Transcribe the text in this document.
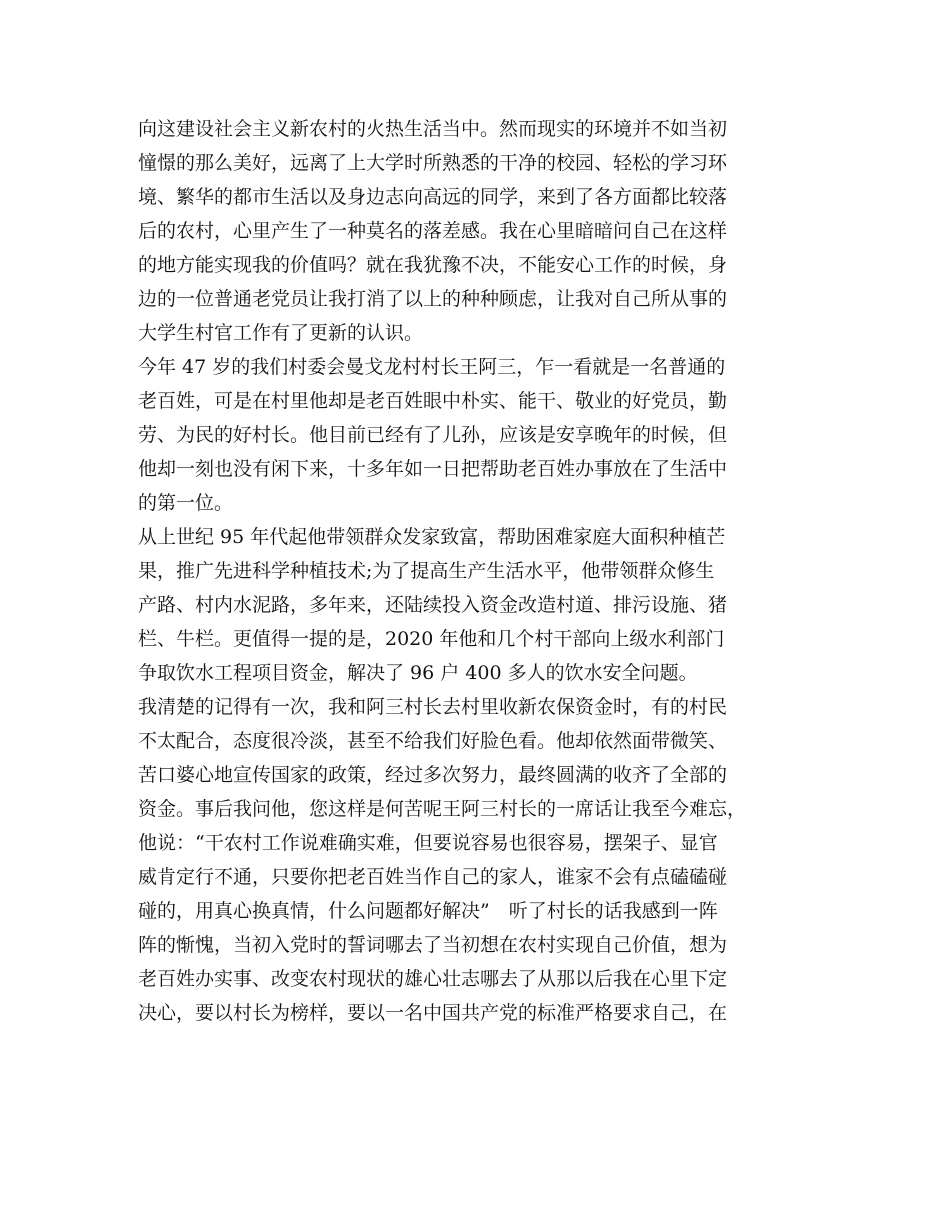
向这建设社会主义新农村的火热生活当中。然而现实的环境并不如当初
憧憬的那么美好，远离了上大学时所熟悉的干净的校园、轻松的学习环
境、繁华的都市生活以及身边志向高远的同学，来到了各方面都比较落
后的农村，心里产生了一种莫名的落差感。我在心里暗暗问自己在这样
的地方能实现我的价值吗？就在我犹豫不决，不能安心工作的时候，身
边的一位普通老党员让我打消了以上的种种顾虑，让我对自己所从事的
大学生村官工作有了更新的认识。
今年 47 岁的我们村委会曼戈龙村村长王阿三，乍一看就是一名普通的
老百姓，可是在村里他却是老百姓眼中朴实、能干、敬业的好党员，勤
劳、为民的好村长。他目前已经有了儿孙，应该是安享晚年的时候，但
他却一刻也没有闲下来，十多年如一日把帮助老百姓办事放在了生活中
的第一位。
从上世纪 95 年代起他带领群众发家致富，帮助困难家庭大面积种植芒
果，推广先进科学种植技术;为了提高生产生活水平，他带领群众修生
产路、村内水泥路，多年来，还陆续投入资金改造村道、排污设施、猪
栏、牛栏。更值得一提的是，2020 年他和几个村干部向上级水利部门
争取饮水工程项目资金，解决了 96 户 400 多人的饮水安全问题。
我清楚的记得有一次，我和阿三村长去村里收新农保资金时，有的村民
不太配合，态度很冷淡，甚至不给我们好脸色看。他却依然面带微笑、
苦口婆心地宣传国家的政策，经过多次努力，最终圆满的收齐了全部的
资金。事后我问他，您这样是何苦呢王阿三村长的一席话让我至今难忘，
他说：“干农村工作说难确实难，但要说容易也很容易，摆架子、显官
威肯定行不通，只要你把老百姓当作自己的家人，谁家不会有点磕磕碰
碰的，用真心换真情，什么问题都好解决”　听了村长的话我感到一阵
阵的惭愧，当初入党时的誓词哪去了当初想在农村实现自己价值，想为
老百姓办实事、改变农村现状的雄心壮志哪去了从那以后我在心里下定
决心，要以村长为榜样，要以一名中国共产党的标准严格要求自己，在
